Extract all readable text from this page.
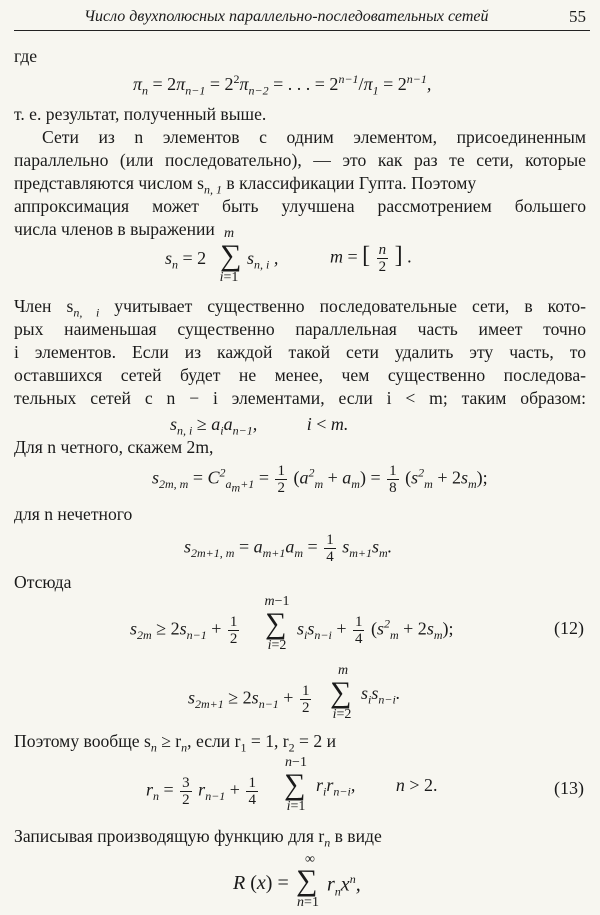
Число двухполюсных параллельно-последовательных сетей	55
где
$\pi_n = 2\pi_{n-1} = 2^2\pi_{n-2}$ = . . . = $2^{n-1}/\pi_1 = 2^{n-1}$,
т. е. результат, полученный выше.
Сети из n элементов с одним элементом, присоединенным
параллельно (или последовательно), — это как раз те сети, которые
представляются числом $s_{n, 1}$ в классификации Гупта. Поэтому
аппроксимация может быть улучшена рассмотрением большего
числа членов в выражении
$s_n = 2$
m
∑
i=1
$s_{n, i}$ ,	m = [ $\frac{n}{2}$ ] .
Член $s_{n, i}$ учитывает существенно последовательные сети, в кото-
рых наименьшая существенно параллельная часть имеет точно
i элементов. Если из каждой такой сети удалить эту часть, то
оставшихся сетей будет не менее, чем существенно последова-
тельных сетей с n − i элементами, если i < m; таким образом:
$s_{n, i} \ge a_ia_{n-1}$,           i < m.
Для n четного, скажем 2m,
$s_{2m, m} = C^2_{a_m+1} = \frac{1}{2} (a^2_m + a_m) = \frac{1}{8} (s^2_m + 2s_m)$;
для n нечетного
$s_{2m+1, m} = a_{m+1}a_m = \frac{1}{4} s_{m+1}s_m$.
Отсюда
$s_{2m} \ge 2s_{n-1} + \frac{1}{2}$
m−1
∑
i=2
$s_is_{n-i} + \frac{1}{4} (s^2_m + 2s_m)$;	(12)
$s_{2m+1} \ge 2s_{n-1} + \frac{1}{2}$
m
∑
i=2
$s_is_{n-i}$.
Поэтому вообще $s_n \ge r_n$, если $r_1 = 1$, $r_2 = 2$ и
$r_n = \frac{3}{2} r_{n-1} + \frac{1}{4}$
n−1
∑
i=1
$r_ir_{n-i}$,         n > 2.	(13)
Записывая производящую функцию для $r_n$ в виде
R (x) =
∞
∑
n=1
$r_nx^n$,
